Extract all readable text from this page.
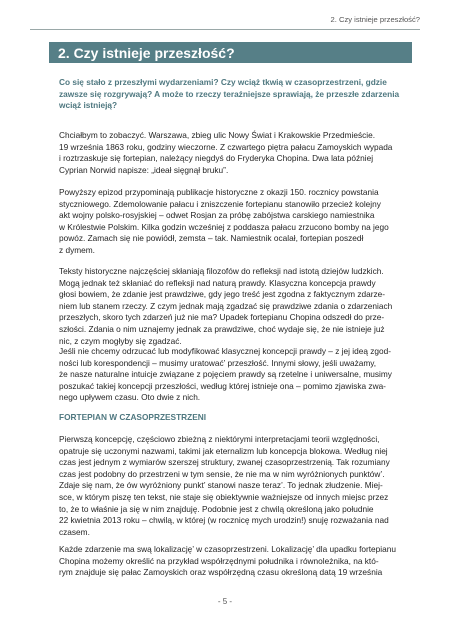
2. Czy istnieje przeszłość?
2. Czy istnieje przeszłość?
Co się stało z przeszłymi wydarzeniami? Czy wciąż tkwią w czasoprzestrzeni, gdzie
zawsze się rozgrywają? A może to rzeczy teraźniejsze sprawiają, że przeszłe zdarzenia
wciąż istnieją?
Chciałbym to zobaczyć. Warszawa, zbieg ulic Nowy Świat i Krakowskie Przedmieście.
19 września 1863 roku, godziny wieczorne. Z czwartego piętra pałacu Zamoyskich wypada
i roztrzaskuje się fortepian, należący niegdyś do Fryderyka Chopina. Dwa lata później
Cyprian Norwid napisze: „ideał sięgnął bruku”.
Powyższy epizod przypominają publikacje historyczne z okazji 150. rocznicy powstania
styczniowego. Zdemolowanie pałacu i zniszczenie fortepianu stanowiło przecież kolejny
akt wojny polsko-rosyjskiej – odwet Rosjan za próbę zabójstwa carskiego namiestnika
w Królestwie Polskim. Kilka godzin wcześniej z poddasza pałacu zrzucono bomby na jego
powóz. Zamach się nie powiódł, zemsta – tak. Namiestnik ocalał, fortepian poszedł
z dymem.
Teksty historyczne najczęściej skłaniają filozofów do refleksji nad istotą dziejów ludzkich.
Mogą jednak też skłaniać do refleksji nad naturą prawdy. Klasyczna koncepcja prawdy
głosi bowiem, że zdanie jest prawdziwe, gdy jego treść jest zgodna z faktycznym zdarze-
niem lub stanem rzeczy. Z czym jednak mają zgadzać się prawdziwe zdania o zdarzeniach
przeszłych, skoro tych zdarzeń już nie ma? Upadek fortepianu Chopina odszedł do prze-
szłości. Zdania o nim uznajemy jednak za prawdziwe, choć wydaje się, że nie istnieje już
nic, z czym mogłyby się zgadzać.
Jeśli nie chcemy odrzucać lub modyfikować klasycznej koncepcji prawdy – z jej ideą zgod-
ności lub korespondencji – musimy uratować’ przeszłość. Innymi słowy, jeśli uważamy,
że nasze naturalne intuicje związane z pojęciem prawdy są rzetelne i uniwersalne, musimy
poszukać takiej koncepcji przeszłości, według której istnieje ona – pomimo zjawiska zwa-
nego upływem czasu. Oto dwie z nich.
FORTEPIAN W CZASOPRZESTRZENI
Pierwszą koncepcję, częściowo zbieżną z niektórymi interpretacjami teorii względności,
opatruje się uczonymi nazwami, takimi jak eternalizm lub koncepcja blokowa. Według niej
czas jest jednym z wymiarów szerszej struktury, zwanej czasoprzestrzenią. Tak rozumiany
czas jest podobny do przestrzeni w tym sensie, że nie ma w nim wyróżnionych punktów’.
Zdaje się nam, że ów wyróżniony punkt’ stanowi nasze teraz’. To jednak złudzenie. Miej-
sce, w którym piszę ten tekst, nie staje się obiektywnie ważniejsze od innych miejsc przez
to, że to właśnie ja się w nim znajduję. Podobnie jest z chwilą określoną jako południe
22 kwietnia 2013 roku – chwilą, w której (w rocznicę mych urodzin!) snuję rozważania nad
czasem.
Każde zdarzenie ma swą lokalizację’ w czasoprzestrzeni. Lokalizację’ dla upadku fortepianu
Chopina możemy określić na przykład współrzędnymi południka i równoleżnika, na któ-
rym znajduje się pałac Zamoyskich oraz współrzędną czasu określoną datą 19 września
- 5 -
